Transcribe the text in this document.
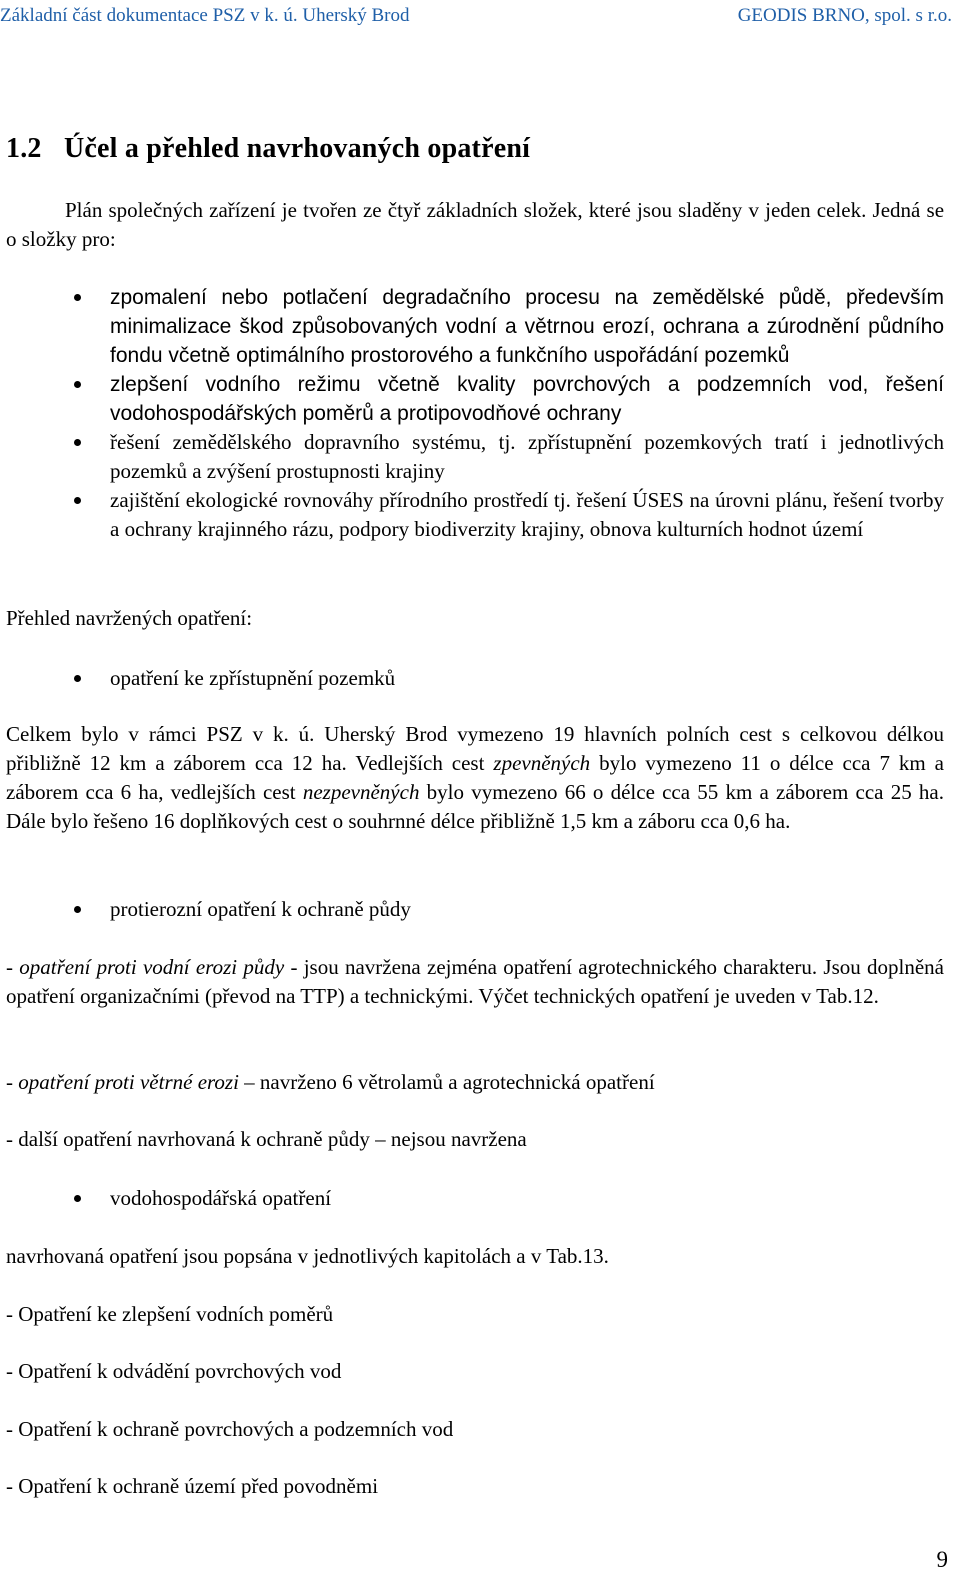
Základní část dokumentace PSZ v k. ú. Uherský Brod	GEODIS BRNO, spol. s r.o.
1.2 Účel a přehled navrhovaných opatření

Plán společných zařízení je tvořen ze čtyř základních složek, které jsou sladěny v jeden celek. Jedná se o složky pro:

zpomalení nebo potlačení degradačního procesu na zemědělské půdě, především minimalizace škod způsobovaných vodní a větrnou erozí, ochrana a zúrodnění půdního fondu včetně optimálního prostorového a funkčního uspořádání pozemků
zlepšení vodního režimu včetně kvality povrchových a podzemních vod, řešení vodohospodářských poměrů a protipovodňové ochrany
řešení zemědělského dopravního systému, tj. zpřístupnění pozemkových tratí i jednotlivých pozemků a zvýšení prostupnosti krajiny
zajištění ekologické rovnováhy přírodního prostředí tj. řešení ÚSES na úrovni plánu, řešení tvorby a ochrany krajinného rázu, podpory biodiverzity krajiny, obnova kulturních hodnot území

Přehled navržených opatření:

opatření ke zpřístupnění pozemků

Celkem bylo v rámci PSZ v k. ú. Uherský Brod vymezeno 19 hlavních polních cest s celkovou délkou přibližně 12 km a záborem cca 12 ha. Vedlejších cest zpevněných bylo vymezeno 11 o délce cca 7 km a záborem cca 6 ha, vedlejších cest nezpevněných bylo vymezeno 66 o délce cca 55 km a záborem cca 25 ha. Dále bylo řešeno 16 doplňkových cest o souhrnné délce přibližně 1,5 km a záboru cca 0,6 ha.

protierozní opatření k ochraně půdy

- opatření proti vodní erozi půdy - jsou navržena zejména opatření agrotechnického charakteru. Jsou doplněná opatření organizačními (převod na TTP) a technickými. Výčet technických opatření je uveden v Tab.12.

- opatření proti větrné erozi – navrženo 6 větrolamů a agrotechnická opatření

- další opatření navrhovaná k ochraně půdy – nejsou navržena

vodohospodářská opatření

navrhovaná opatření jsou popsána v jednotlivých kapitolách a v Tab.13.

- Opatření ke zlepšení vodních poměrů

- Opatření k odvádění povrchových vod

- Opatření k ochraně povrchových a podzemních vod

- Opatření k ochraně území před povodněmi

9
